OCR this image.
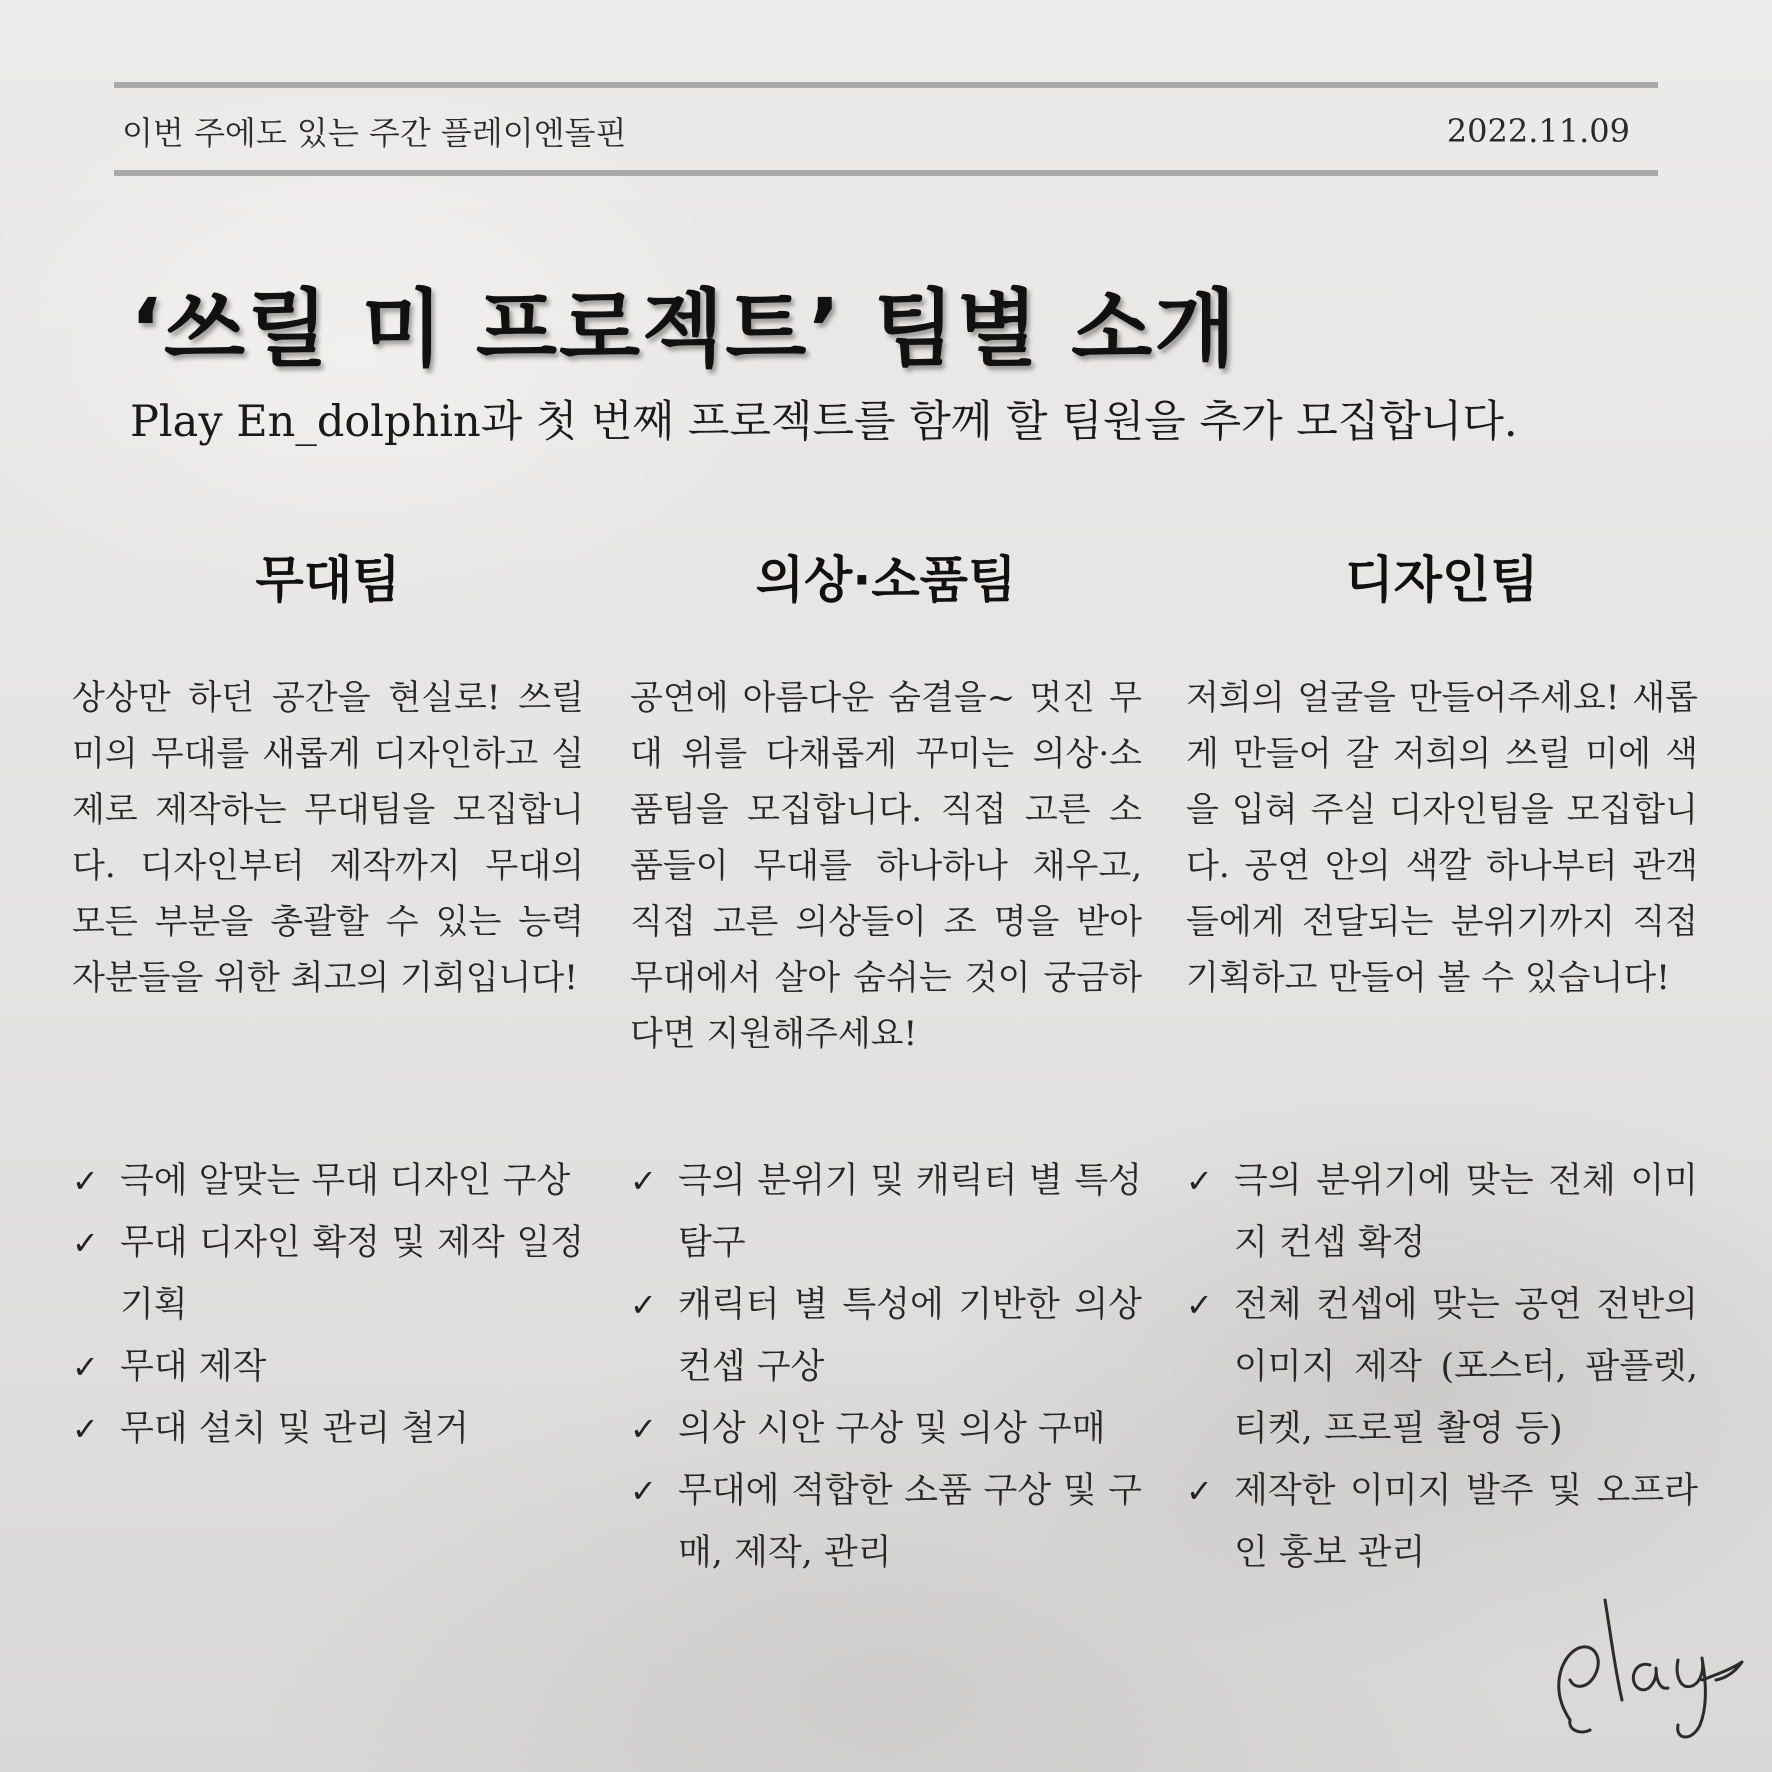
이번 주에도 있는 주간 플레이엔돌핀	2022.11.09
‘쓰릴 미 프로젝트’ 팀별 소개
Play En_dolphin과 첫 번째 프로젝트를 함께 할 팀원을 추가 모집합니다.
무대팀

상상만 하던 공간을 현실로! 쓰릴 미의 무대를 새롭게 디자인하고 실제로 제작하는 무대팀을 모집합니다. 디자인부터 제작까지 무대의 모든 부분을 총괄할 수 있는 능력자분들을 위한 최고의 기회입니다!

✓ 극에 알맞는 무대 디자인 구상
✓ 무대 디자인 확정 및 제작 일정 기획
✓ 무대 제작
✓ 무대 설치 및 관리 철거
의상·소품팀

공연에 아름다운 숨결을~ 멋진 무대 위를 다채롭게 꾸미는 의상·소품팀을 모집합니다. 직접 고른 소품들이 무대를 하나하나 채우고, 직접 고른 의상들이 조 명을 받아 무대에서 살아 숨쉬는 것이 궁금하다면 지원해주세요!

✓ 극의 분위기 및 캐릭터 별 특성 탐구
✓ 캐릭터 별 특성에 기반한 의상 컨셉 구상
✓ 의상 시안 구상 및 의상 구매
✓ 무대에 적합한 소품 구상 및 구매, 제작, 관리
디자인팀

저희의 얼굴을 만들어주세요! 새롭게 만들어 갈 저희의 쓰릴 미에 색을 입혀 주실 디자인팀을 모집합니다. 공연 안의 색깔 하나부터 관객들에게 전달되는 분위기까지 직접 기획하고 만들어 볼 수 있습니다!

✓ 극의 분위기에 맞는 전체 이미지 컨셉 확정
✓ 전체 컨셉에 맞는 공연 전반의 이미지 제작 (포스터, 팜플렛, 티켓, 프로필 촬영 등)
✓ 제작한 이미지 발주 및 오프라인 홍보 관리
